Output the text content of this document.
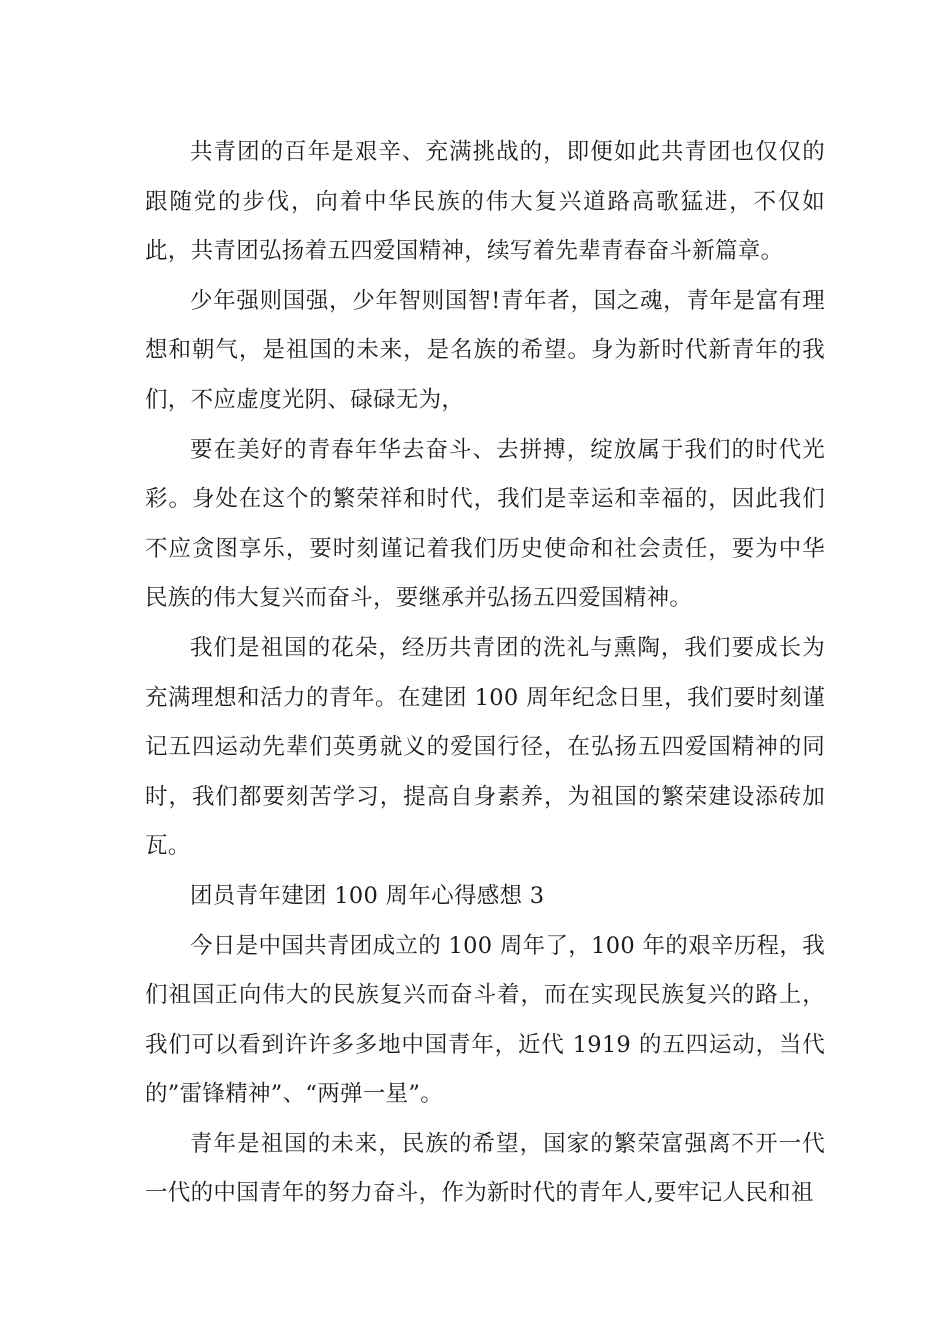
共青团的百年是艰辛、充满挑战的，即便如此共青团也仅仅的跟随党的步伐，向着中华民族的伟大复兴道路高歌猛进，不仅如此，共青团弘扬着五四爱国精神，续写着先辈青春奋斗新篇章。

少年强则国强，少年智则国智!青年者，国之魂，青年是富有理想和朝气，是祖国的未来，是名族的希望。身为新时代新青年的我们，不应虚度光阴、碌碌无为，

要在美好的青春年华去奋斗、去拼搏，绽放属于我们的时代光彩。身处在这个的繁荣祥和时代，我们是幸运和幸福的，因此我们不应贪图享乐，要时刻谨记着我们历史使命和社会责任，要为中华民族的伟大复兴而奋斗，要继承并弘扬五四爱国精神。

我们是祖国的花朵，经历共青团的洗礼与熏陶，我们要成长为充满理想和活力的青年。在建团 100 周年纪念日里，我们要时刻谨记五四运动先辈们英勇就义的爱国行径，在弘扬五四爱国精神的同时，我们都要刻苦学习，提高自身素养，为祖国的繁荣建设添砖加瓦。

团员青年建团 100 周年心得感想 3

今日是中国共青团成立的 100 周年了，100 年的艰辛历程，我们祖国正向伟大的民族复兴而奋斗着，而在实现民族复兴的路上，我们可以看到许许多多地中国青年，近代 1919 的五四运动，当代的”雷锋精神”、“两弹一星”。

青年是祖国的未来，民族的希望，国家的繁荣富强离不开一代一代的中国青年的努力奋斗，作为新时代的青年人,要牢记人民和祖
